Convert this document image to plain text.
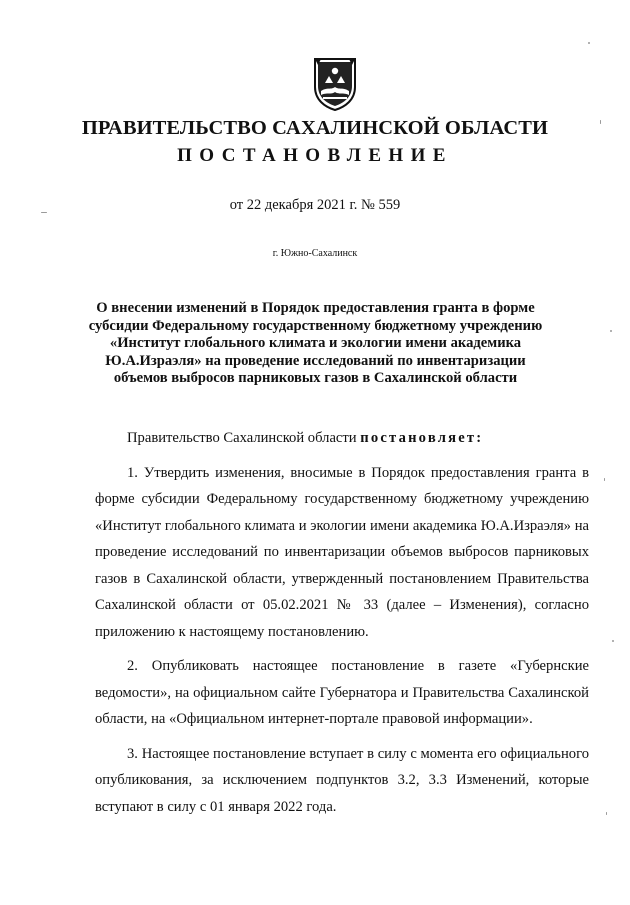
ПРАВИТЕЛЬСТВО САХАЛИНСКОЙ ОБЛАСТИ
ПОСТАНОВЛЕНИЕ

от 22 декабря 2021 г. № 559

г. Южно-Сахалинск

О внесении изменений в Порядок предоставления гранта в форме субсидии Федеральному государственному бюджетному учреждению «Институт глобального климата и экологии имени академика Ю.А.Израэля» на проведение исследований по инвентаризации объемов выбросов парниковых газов в Сахалинской области

Правительство Сахалинской области постановляет:

1. Утвердить изменения, вносимые в Порядок предоставления гранта в форме субсидии Федеральному государственному бюджетному учреждению «Институт глобального климата и экологии имени академика Ю.А.Израэля» на проведение исследований по инвентаризации объемов выбросов парниковых газов в Сахалинской области, утвержденный постановлением Правительства Сахалинской области от 05.02.2021 № 33 (далее – Изменения), согласно приложению к настоящему постановлению.

2. Опубликовать настоящее постановление в газете «Губернские ведомости», на официальном сайте Губернатора и Правительства Сахалинской области, на «Официальном интернет-портале правовой информации».

3. Настоящее постановление вступает в силу с момента его официального опубликования, за исключением подпунктов 3.2, 3.3 Изменений, которые вступают в силу с 01 января 2022 года.
